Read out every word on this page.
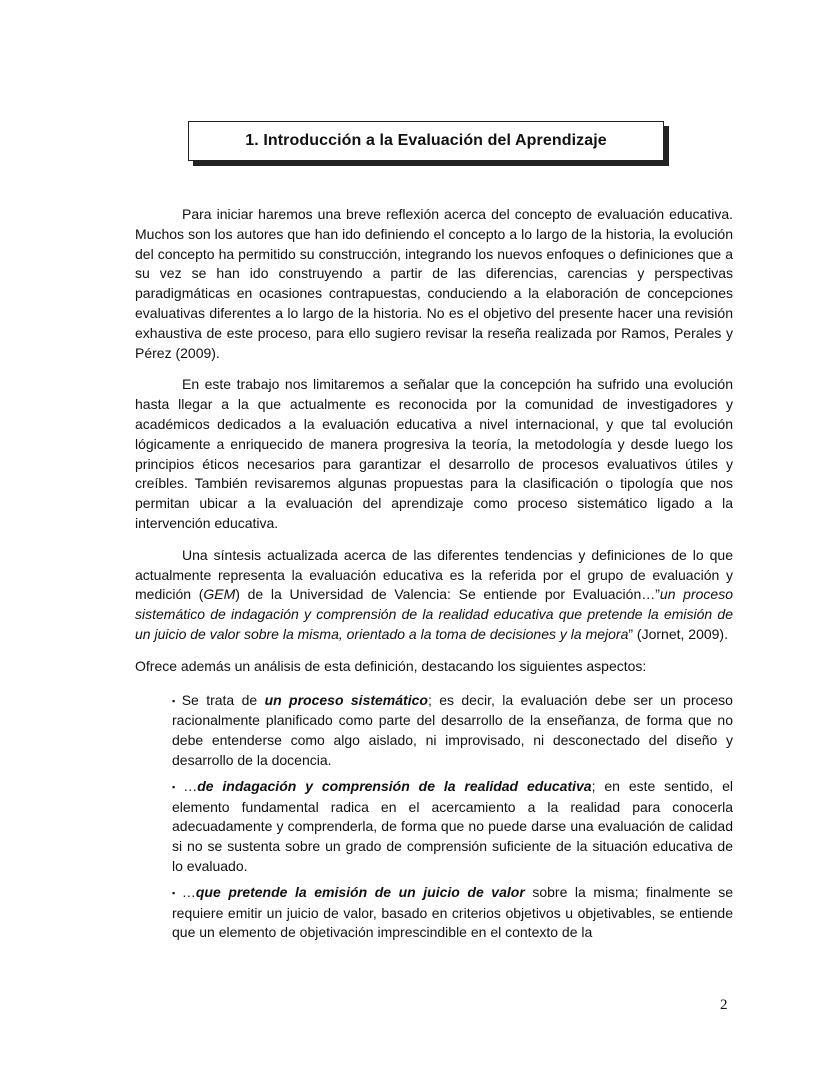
1. Introducción a la Evaluación del Aprendizaje

Para iniciar haremos una breve reflexión acerca del concepto de evaluación educativa. Muchos son los autores que han ido definiendo el concepto a lo largo de la historia, la evolución del concepto ha permitido su construcción, integrando los nuevos enfoques o definiciones que a su vez se han ido construyendo a partir de las diferencias, carencias y perspectivas paradigmáticas en ocasiones contrapuestas, conduciendo a la elaboración de concepciones evaluativas diferentes a lo largo de la historia. No es el objetivo del presente hacer una revisión exhaustiva de este proceso, para ello sugiero revisar la reseña realizada por Ramos, Perales y Pérez (2009).

En este trabajo nos limitaremos a señalar que la concepción ha sufrido una evolución hasta llegar a la que actualmente es reconocida por la comunidad de investigadores y académicos dedicados a la evaluación educativa a nivel internacional, y que tal evolución lógicamente a enriquecido de manera progresiva la teoría, la metodología y desde luego los principios éticos necesarios para garantizar el desarrollo de procesos evaluativos útiles y creíbles. También revisaremos algunas propuestas para la clasificación o tipología que nos permitan ubicar a la evaluación del aprendizaje como proceso sistemático ligado a la intervención educativa.

Una síntesis actualizada acerca de las diferentes tendencias y definiciones de lo que actualmente representa la evaluación educativa es la referida por el grupo de evaluación y medición (GEM) de la Universidad de Valencia: Se entiende por Evaluación…”un proceso sistemático de indagación y comprensión de la realidad educativa que pretende la emisión de un juicio de valor sobre la misma, orientado a la toma de decisiones y la mejora” (Jornet, 2009).

Ofrece además un análisis de esta definición, destacando los siguientes aspectos:

▪ Se trata de un proceso sistemático; es decir, la evaluación debe ser un proceso racionalmente planificado como parte del desarrollo de la enseñanza, de forma que no debe entenderse como algo aislado, ni improvisado, ni desconectado del diseño y desarrollo de la docencia.
▪ …de indagación y comprensión de la realidad educativa; en este sentido, el elemento fundamental radica en el acercamiento a la realidad para conocerla adecuadamente y comprenderla, de forma que no puede darse una evaluación de calidad si no se sustenta sobre un grado de comprensión suficiente de la situación educativa de lo evaluado.
▪ …que pretende la emisión de un juicio de valor sobre la misma; finalmente se requiere emitir un juicio de valor, basado en criterios objetivos u objetivables, se entiende que un elemento de objetivación imprescindible en el contexto de la
2
